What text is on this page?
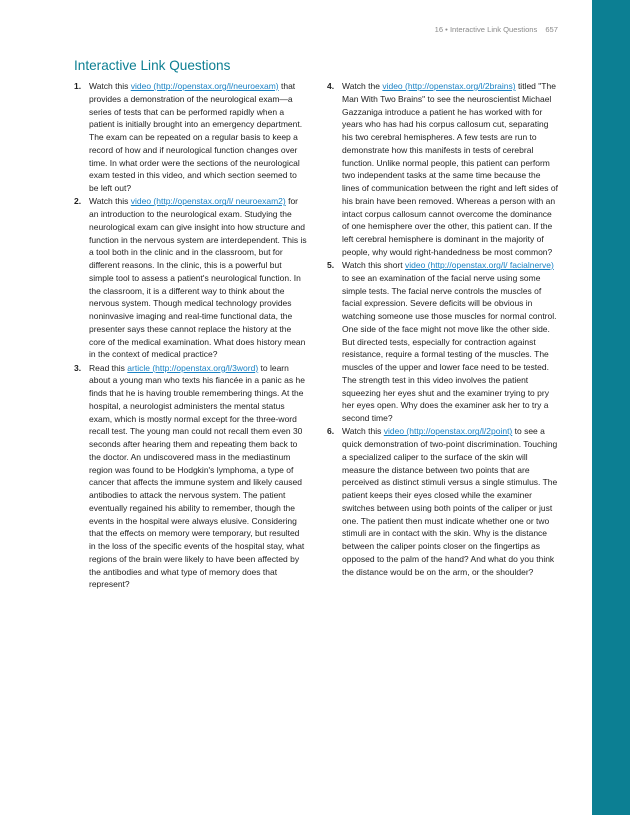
16 • Interactive Link Questions 657
Interactive Link Questions

1. Watch this video (http://openstax.org/l/neuroexam) that provides a demonstration of the neurological exam—a series of tests that can be performed rapidly when a patient is initially brought into an emergency department. The exam can be repeated on a regular basis to keep a record of how and if neurological function changes over time. In what order were the sections of the neurological exam tested in this video, and which section seemed to be left out?

2. Watch this video (http://openstax.org/l/ neuroexam2) for an introduction to the neurological exam. Studying the neurological exam can give insight into how structure and function in the nervous system are interdependent. This is a tool both in the clinic and in the classroom, but for different reasons. In the clinic, this is a powerful but simple tool to assess a patient's neurological function. In the classroom, it is a different way to think about the nervous system. Though medical technology provides noninvasive imaging and real-time functional data, the presenter says these cannot replace the history at the core of the medical examination. What does history mean in the context of medical practice?

3. Read this article (http://openstax.org/l/3word) to learn about a young man who texts his fiancée in a panic as he finds that he is having trouble remembering things. At the hospital, a neurologist administers the mental status exam, which is mostly normal except for the three-word recall test. The young man could not recall them even 30 seconds after hearing them and repeating them back to the doctor. An undiscovered mass in the mediastinum region was found to be Hodgkin's lymphoma, a type of cancer that affects the immune system and likely caused antibodies to attack the nervous system. The patient eventually regained his ability to remember, though the events in the hospital were always elusive. Considering that the effects on memory were temporary, but resulted in the loss of the specific events of the hospital stay, what regions of the brain were likely to have been affected by the antibodies and what type of memory does that represent?

4. Watch the video (http://openstax.org/l/2brains) titled "The Man With Two Brains" to see the neuroscientist Michael Gazzaniga introduce a patient he has worked with for years who has had his corpus callosum cut, separating his two cerebral hemispheres. A few tests are run to demonstrate how this manifests in tests of cerebral function. Unlike normal people, this patient can perform two independent tasks at the same time because the lines of communication between the right and left sides of his brain have been removed. Whereas a person with an intact corpus callosum cannot overcome the dominance of one hemisphere over the other, this patient can. If the left cerebral hemisphere is dominant in the majority of people, why would right-handedness be most common?

5. Watch this short video (http://openstax.org/l/ facialnerve) to see an examination of the facial nerve using some simple tests. The facial nerve controls the muscles of facial expression. Severe deficits will be obvious in watching someone use those muscles for normal control. One side of the face might not move like the other side. But directed tests, especially for contraction against resistance, require a formal testing of the muscles. The muscles of the upper and lower face need to be tested. The strength test in this video involves the patient squeezing her eyes shut and the examiner trying to pry her eyes open. Why does the examiner ask her to try a second time?

6. Watch this video (http://openstax.org/l/2point) to see a quick demonstration of two-point discrimination. Touching a specialized caliper to the surface of the skin will measure the distance between two points that are perceived as distinct stimuli versus a single stimulus. The patient keeps their eyes closed while the examiner switches between using both points of the caliper or just one. The patient then must indicate whether one or two stimuli are in contact with the skin. Why is the distance between the caliper points closer on the fingertips as opposed to the palm of the hand? And what do you think the distance would be on the arm, or the shoulder?
